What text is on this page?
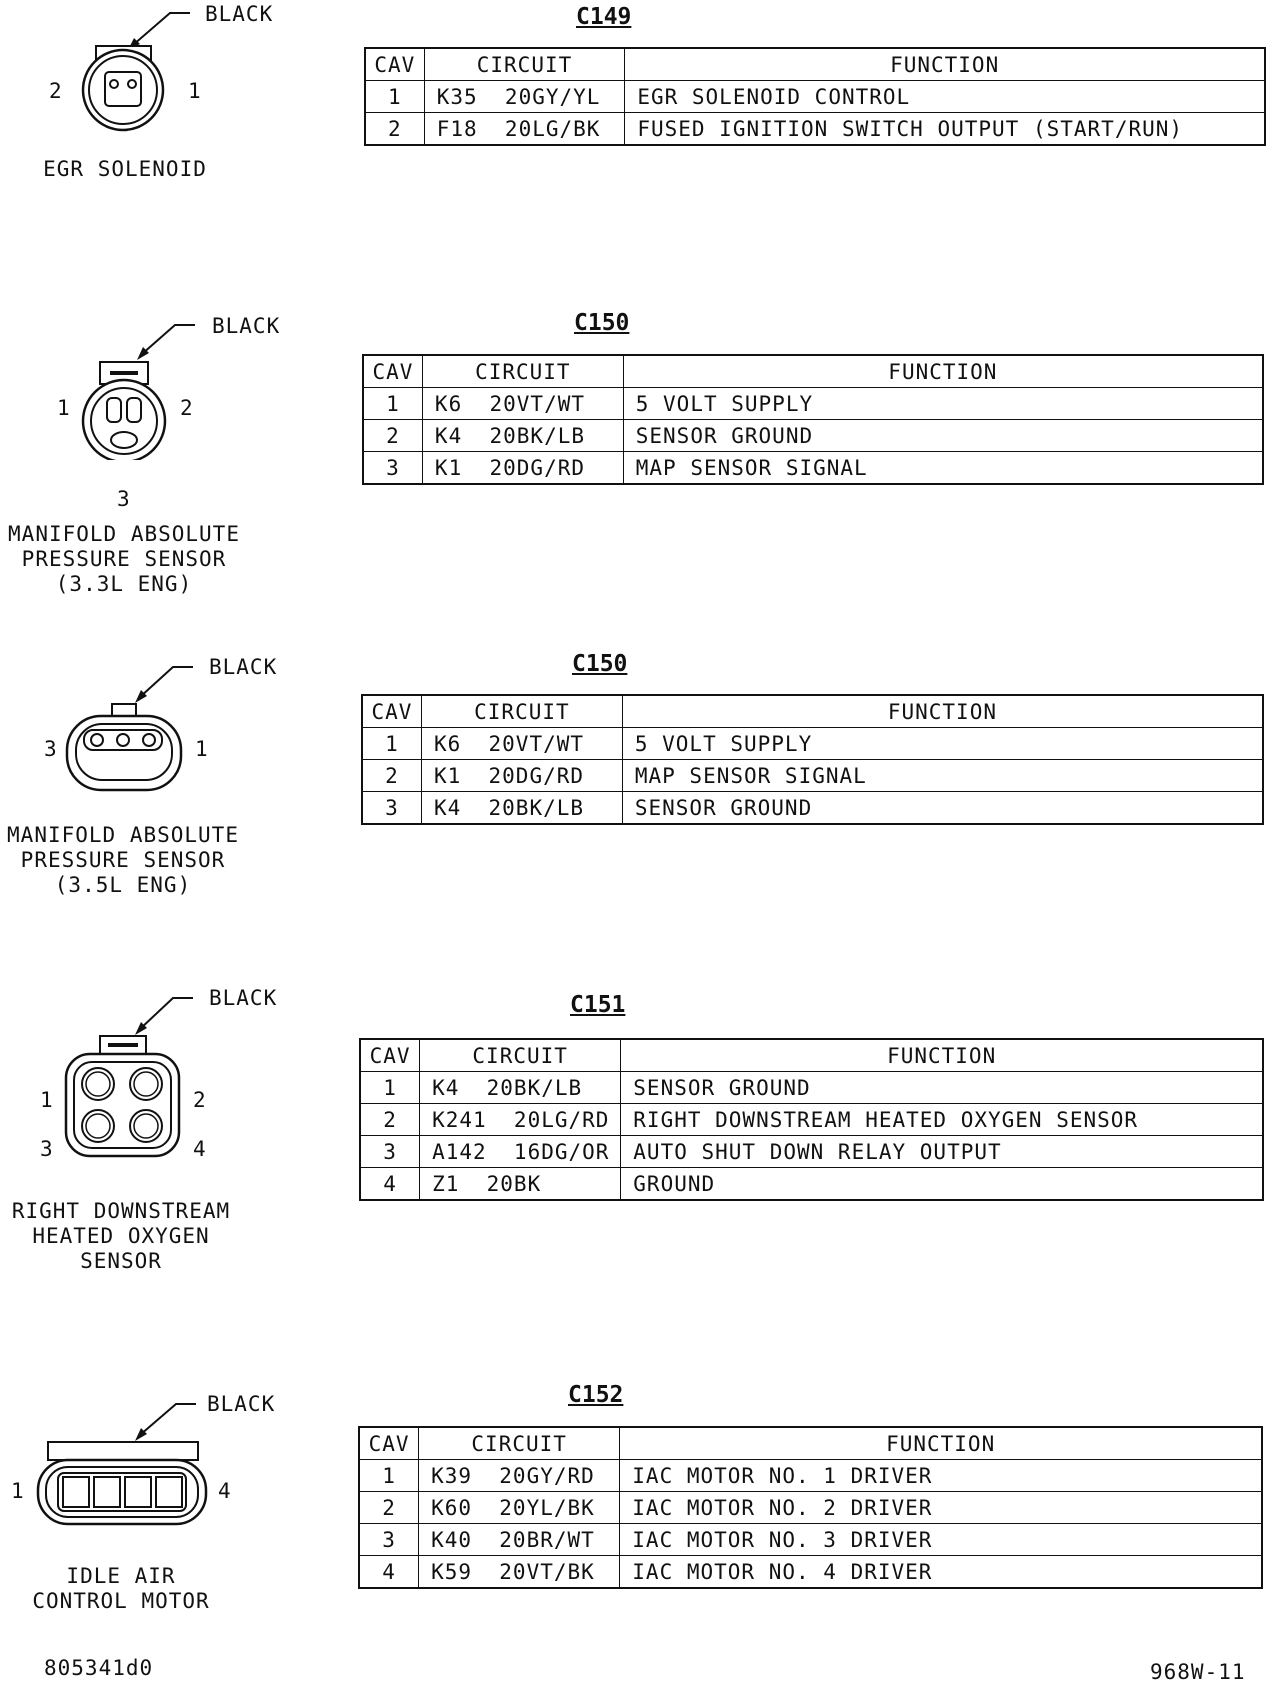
BLACK
2	1
EGR SOLENOID
C149
CAV	CIRCUIT	FUNCTION
1	K35  20GY/YL	EGR SOLENOID CONTROL
2	F18  20LG/BK	FUSED IGNITION SWITCH OUTPUT (START/RUN)
BLACK
1	2
3
MANIFOLD ABSOLUTE
PRESSURE SENSOR
(3.3L ENG)
C150
CAV	CIRCUIT	FUNCTION
1	K6  20VT/WT	5 VOLT SUPPLY
2	K4  20BK/LB	SENSOR GROUND
3	K1  20DG/RD	MAP SENSOR SIGNAL
BLACK
3	1
MANIFOLD ABSOLUTE
PRESSURE SENSOR
(3.5L ENG)
C150
CAV	CIRCUIT	FUNCTION
1	K6  20VT/WT	5 VOLT SUPPLY
2	K1  20DG/RD	MAP SENSOR SIGNAL
3	K4  20BK/LB	SENSOR GROUND
BLACK
1	2
3	4
RIGHT DOWNSTREAM
HEATED OXYGEN
SENSOR
C151
CAV	CIRCUIT	FUNCTION
1	K4  20BK/LB	SENSOR GROUND
2	K241  20LG/RD	RIGHT DOWNSTREAM HEATED OXYGEN SENSOR
3	A142  16DG/OR	AUTO SHUT DOWN RELAY OUTPUT
4	Z1  20BK	GROUND
BLACK
1	4
IDLE AIR
CONTROL MOTOR
C152
CAV	CIRCUIT	FUNCTION
1	K39  20GY/RD	IAC MOTOR NO. 1 DRIVER
2	K60  20YL/BK	IAC MOTOR NO. 2 DRIVER
3	K40  20BR/WT	IAC MOTOR NO. 3 DRIVER
4	K59  20VT/BK	IAC MOTOR NO. 4 DRIVER
805341d0	968W-11
